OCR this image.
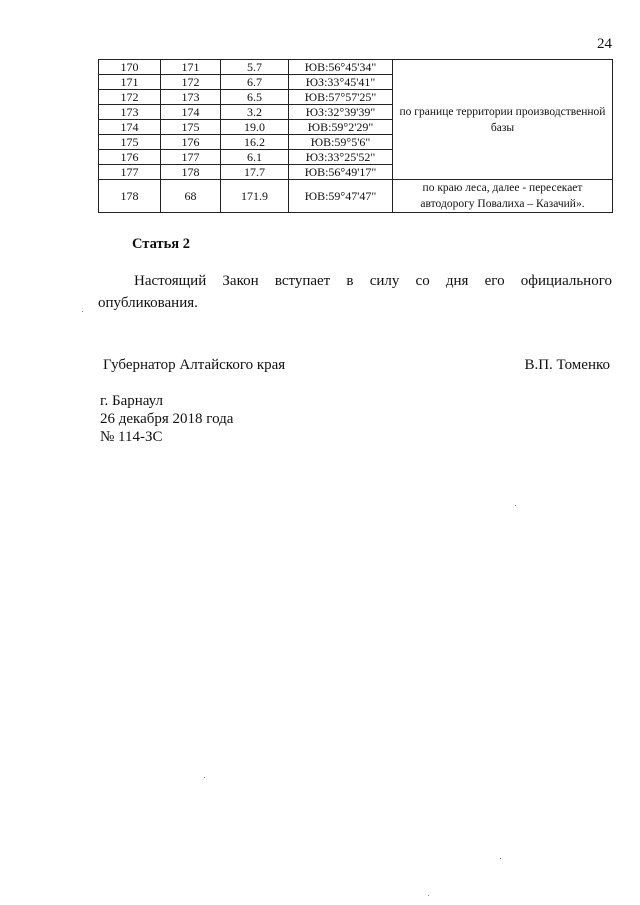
24
170	171	5.7	ЮВ:56°45'34"	по границе территории производственной базы
171	172	6.7	ЮЗ:33°45'41"	
172	173	6.5	ЮВ:57°57'25"	
173	174	3.2	ЮЗ:32°39'39"	
174	175	19.0	ЮВ:59°2'29"	
175	176	16.2	ЮВ:59°5'6"	
176	177	6.1	ЮЗ:33°25'52"	
177	178	17.7	ЮВ:56°49'17"	
178	68	171.9	ЮВ:59°47'47"	по краю леса, далее - пересекает автодорогу Повалиха – Казачий».
Статья 2

Настоящий Закон вступает в силу со дня его официального опубликования.

Губернатор Алтайского края	В.П. Томенко
г. Барнаул
26 декабря 2018 года
№ 114-ЗС
